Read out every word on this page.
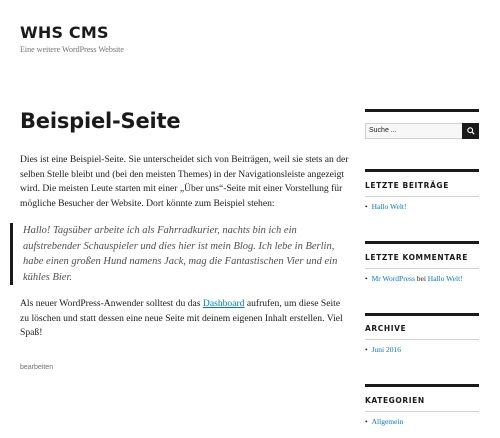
WHS CMS
Eine weitere WordPress Website
Beispiel-Seite

Dies ist eine Beispiel-Seite. Sie unterscheidet sich von Beiträgen, weil sie stets an der selben Stelle bleibt und (bei den meisten Themes) in der Navigationsleiste angezeigt wird. Die meisten Leute starten mit einer „Über uns“-Seite mit einer Vorstellung für mögliche Besucher der Website. Dort könnte zum Beispiel stehen:

Hallo! Tagsüber arbeite ich als Fahrradkurier, nachts bin ich ein aufstrebender Schauspieler und dies hier ist mein Blog. Ich lebe in Berlin, habe einen großen Hund namens Jack, mag die Fantastischen Vier und ein kühles Bier.

Als neuer WordPress-Anwender solltest du das Dashboard aufrufen, um diese Seite zu löschen und statt dessen eine neue Seite mit deinem eigenen Inhalt erstellen. Viel Spaß!

bearbeiten
Suche ...
LETZTE BEITRÄGE
• Hallo Welt!
LETZTE KOMMENTARE
• Mr WordPress bei Hallo Welt!
ARCHIVE
• Juni 2016
KATEGORIEN
• Allgemein
